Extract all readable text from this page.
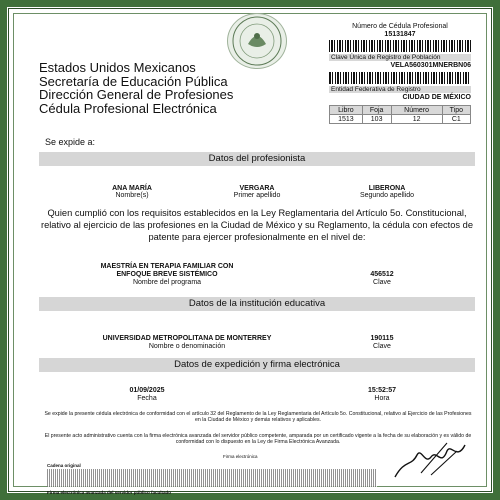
Estados Unidos Mexicanos
Secretaría de Educación Pública
Dirección General de Profesiones
Cédula Profesional Electrónica
Número de Cédula Profesional
15131847
Clave Única de Registro de Población
VELA560301MNERBN06
Entidad Federativa de Registro
CIUDAD DE MÉXICO
Libro	Foja	Número	Tipo
1513	103	12	C1
Se expide a:
Datos del profesionista
ANA MARÍA
Nombre(s)
VERGARA
Primer apellido
LIBERONA
Segundo apellido
Quien cumplió con los requisitos establecidos en la Ley Reglamentaria del Artículo 5o. Constitucional, relativo al ejercicio de las profesiones en la Ciudad de México y su Reglamento, la cédula con efectos de patente para ejercer profesionalmente en el nivel de:
MAESTRÍA EN TERAPIA FAMILIAR CON ENFOQUE BREVE SISTÉMICO
Nombre del programa
456512
Clave
Datos de la institución educativa
UNIVERSIDAD METROPOLITANA DE MONTERREY
Nombre o denominación
190115
Clave
Datos de expedición y firma electrónica
01/09/2025
Fecha
15:52:57
Hora
Se expide la presente cédula electrónica de conformidad con el artículo 32 del Reglamento de la Ley Reglamentaria del Artículo 5o. Constitucional, relativo al Ejercicio de las Profesiones en la Ciudad de México y demás relativos y aplicables.
El presente acto administrativo cuenta con la firma electrónica avanzada del servidor público competente, amparada por un certificado vigente a la fecha de su elaboración y es válido de conformidad con lo dispuesto en la Ley de Firma Electrónica Avanzada.
Firma electrónica
Cadena original
Firma electrónica avanzada del servidor público facultado
